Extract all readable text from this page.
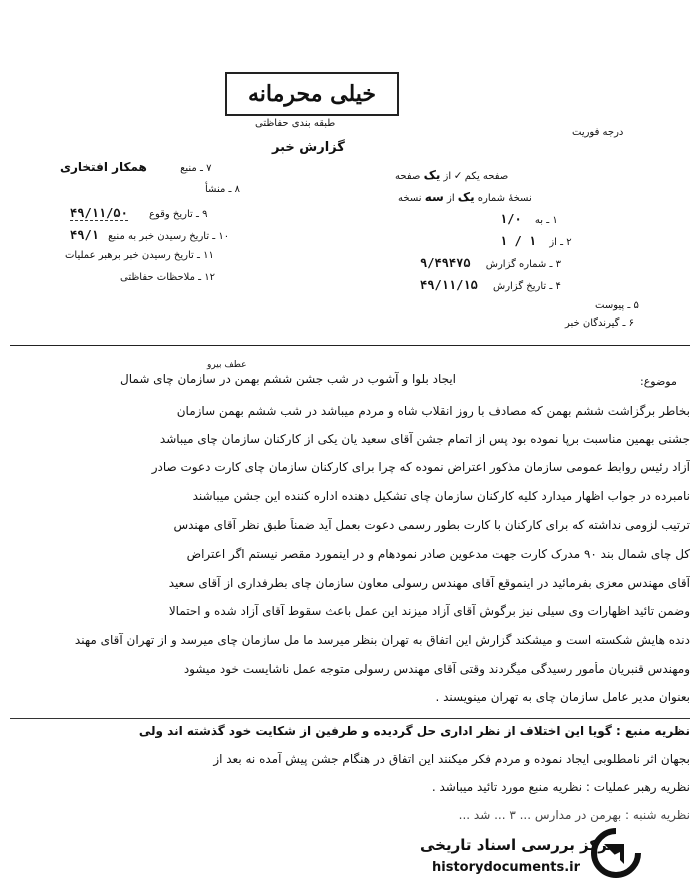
خیلی محرمانه
طبقه بندی حفاظتی
گزارش خبر
درجه فوریت
۷ ـ منبع همکار افتخاری
۸ ـ منشأ
۹ ـ تاریخ وقوع ۴۹/۱۱/۵۰
۱۰ ـ تاریخ رسیدن خبر به منبع ۴۹/۱
۱۱ ـ تاریخ رسیدن خبر برهبر عملیات
۱۲ ـ ملاحظات حفاظتی
صفحه یکم ✓ از یک صفحه
نسخهٔ شماره یک از سه نسخه
۱ ـ به ۱/۰
۲ ـ از ۱ / ۱
۳ ـ شماره گزارش ۹/۴۹۴۷۵
۴ ـ تاریخ گزارش ۴۹/۱۱/۱۵
۵ ـ پیوست
۶ ـ گیرندگان خبر
عطف بیرو
موضوع:
ایجاد بلوا و آشوب در شب جشن ششم بهمن در سازمان چای شمال
بخاطر برگزاشت ششم بهمن که مصادف با روز انقلاب شاه و مردم میباشد در شب ششم بهمن سازمان
جشنی بهمین مناسبت برپا نموده بود پس از اتمام جشن آقای سعید یان یکی از کارکنان سازمان چای میباشد
آزاد رئیس روابط عمومی سازمان مذکور اعتراض نموده که چرا برای کارکنان سازمان چای کارت دعوت صادر
نامبرده در جواب اظهار میدارد کلیه کارکنان سازمان چای تشکیل دهنده اداره کننده این جشن میباشند
ترتیب لزومی نداشته که برای کارکنان با کارت بطور رسمی دعوت بعمل آید ضمناً طبق نظر آقای مهندس
کل چای شمال بند ۹۰ مدرک کارت جهت مدعوین صادر نمودهام و در اینمورد مقصر نیستم اگر اعتراض
آقای مهندس معزی بفرمائید در اینموقع آقای مهندس رسولی معاون سازمان چای بطرفداری از آقای سعید
وضمن تائید اظهارات وی سیلی نیز برگوش آقای آزاد میزند این عمل باعث سقوط آقای آزاد شده و احتمالا
دنده هایش شکسته است و میشکند گزارش این اتفاق به تهران بنظر میرسد ما مل سازمان چای میرسد و از تهران آقای مهند
ومهندس قنبریان مأمور رسیدگی میگردند وقتی آقای مهندس رسولی متوجه عمل ناشایست خود میشود
بعنوان مدیر عامل سازمان چای به تهران مینویسند .
نظریه منبع : گویا این اختلاف از نظر اداری حل گردیده و طرفین از شکایت خود گذشته اند ولی
بجهان اثر نامطلوبی ایجاد نموده و مردم فکر میکنند این اتفاق در هنگام جشن پیش آمده نه بعد از
نظریه رهبر عملیات : نظریه منبع مورد تائید میباشد .
نظریه شنبه : بهرمن در مدارس ... ۳ ... شد ...
مرکز بررسی اسناد تاریخی
historydocuments.ir
